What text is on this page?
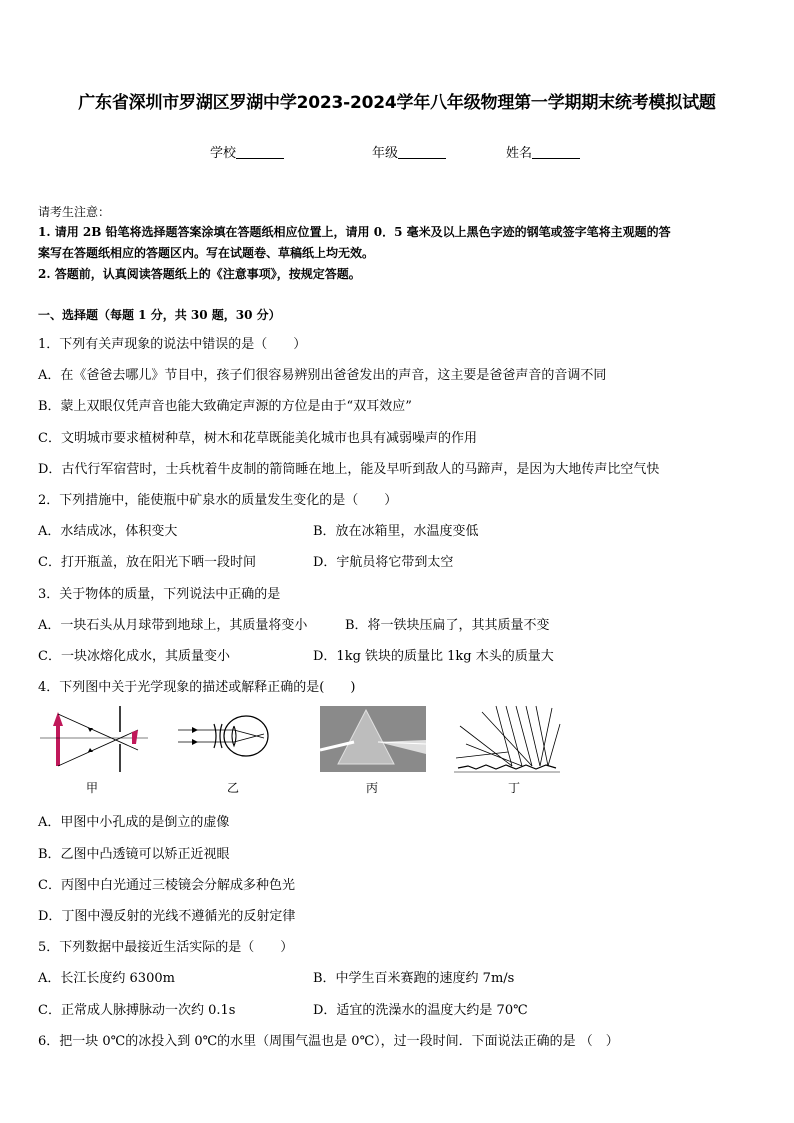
广东省深圳市罗湖区罗湖中学2023-2024学年八年级物理第一学期期末统考模拟试题
学校	年级	姓名
请考生注意：
1. 请用 2B 铅笔将选择题答案涂填在答题纸相应位置上，请用 0．5 毫米及以上黑色字迹的钢笔或签字笔将主观题的答
案写在答题纸相应的答题区内。写在试题卷、草稿纸上均无效。
2. 答题前，认真阅读答题纸上的《注意事项》，按规定答题。
一、选择题（每题 1 分，共 30 题，30 分）
1．下列有关声现象的说法中错误的是（　　）
A．在《爸爸去哪儿》节目中，孩子们很容易辨别出爸爸发出的声音，这主要是爸爸声音的音调不同
B．蒙上双眼仅凭声音也能大致确定声源的方位是由于“双耳效应”
C．文明城市要求植树种草，树木和花草既能美化城市也具有减弱噪声的作用
D．古代行军宿营时，士兵枕着牛皮制的箭筒睡在地上，能及早听到敌人的马蹄声，是因为大地传声比空气快
2．下列措施中，能使瓶中矿泉水的质量发生变化的是（　　）
A．水结成冰，体积变大	B．放在冰箱里，水温度变低
C．打开瓶盖，放在阳光下晒一段时间	D．宇航员将它带到太空
3．关于物体的质量，下列说法中正确的是
A．一块石头从月球带到地球上，其质量将变小	B．将一铁块压扁了，其其质量不变
C．一块冰熔化成水，其质量变小	D．1kg 铁块的质量比 1kg 木头的质量大
4．下列图中关于光学现象的描述或解释正确的是(　　)
甲	乙	丙	丁
A．甲图中小孔成的是倒立的虚像
B．乙图中凸透镜可以矫正近视眼
C．丙图中白光通过三棱镜会分解成多种色光
D．丁图中漫反射的光线不遵循光的反射定律
5．下列数据中最接近生活实际的是（　　）
A．长江长度约 6300m	B．中学生百米赛跑的速度约 7m/s
C．正常成人脉搏脉动一次约 0.1s	D．适宜的洗澡水的温度大约是 70℃
6．把一块 0℃的冰投入到 0℃的水里（周围气温也是 0℃），过一段时间．下面说法正确的是 （　）
